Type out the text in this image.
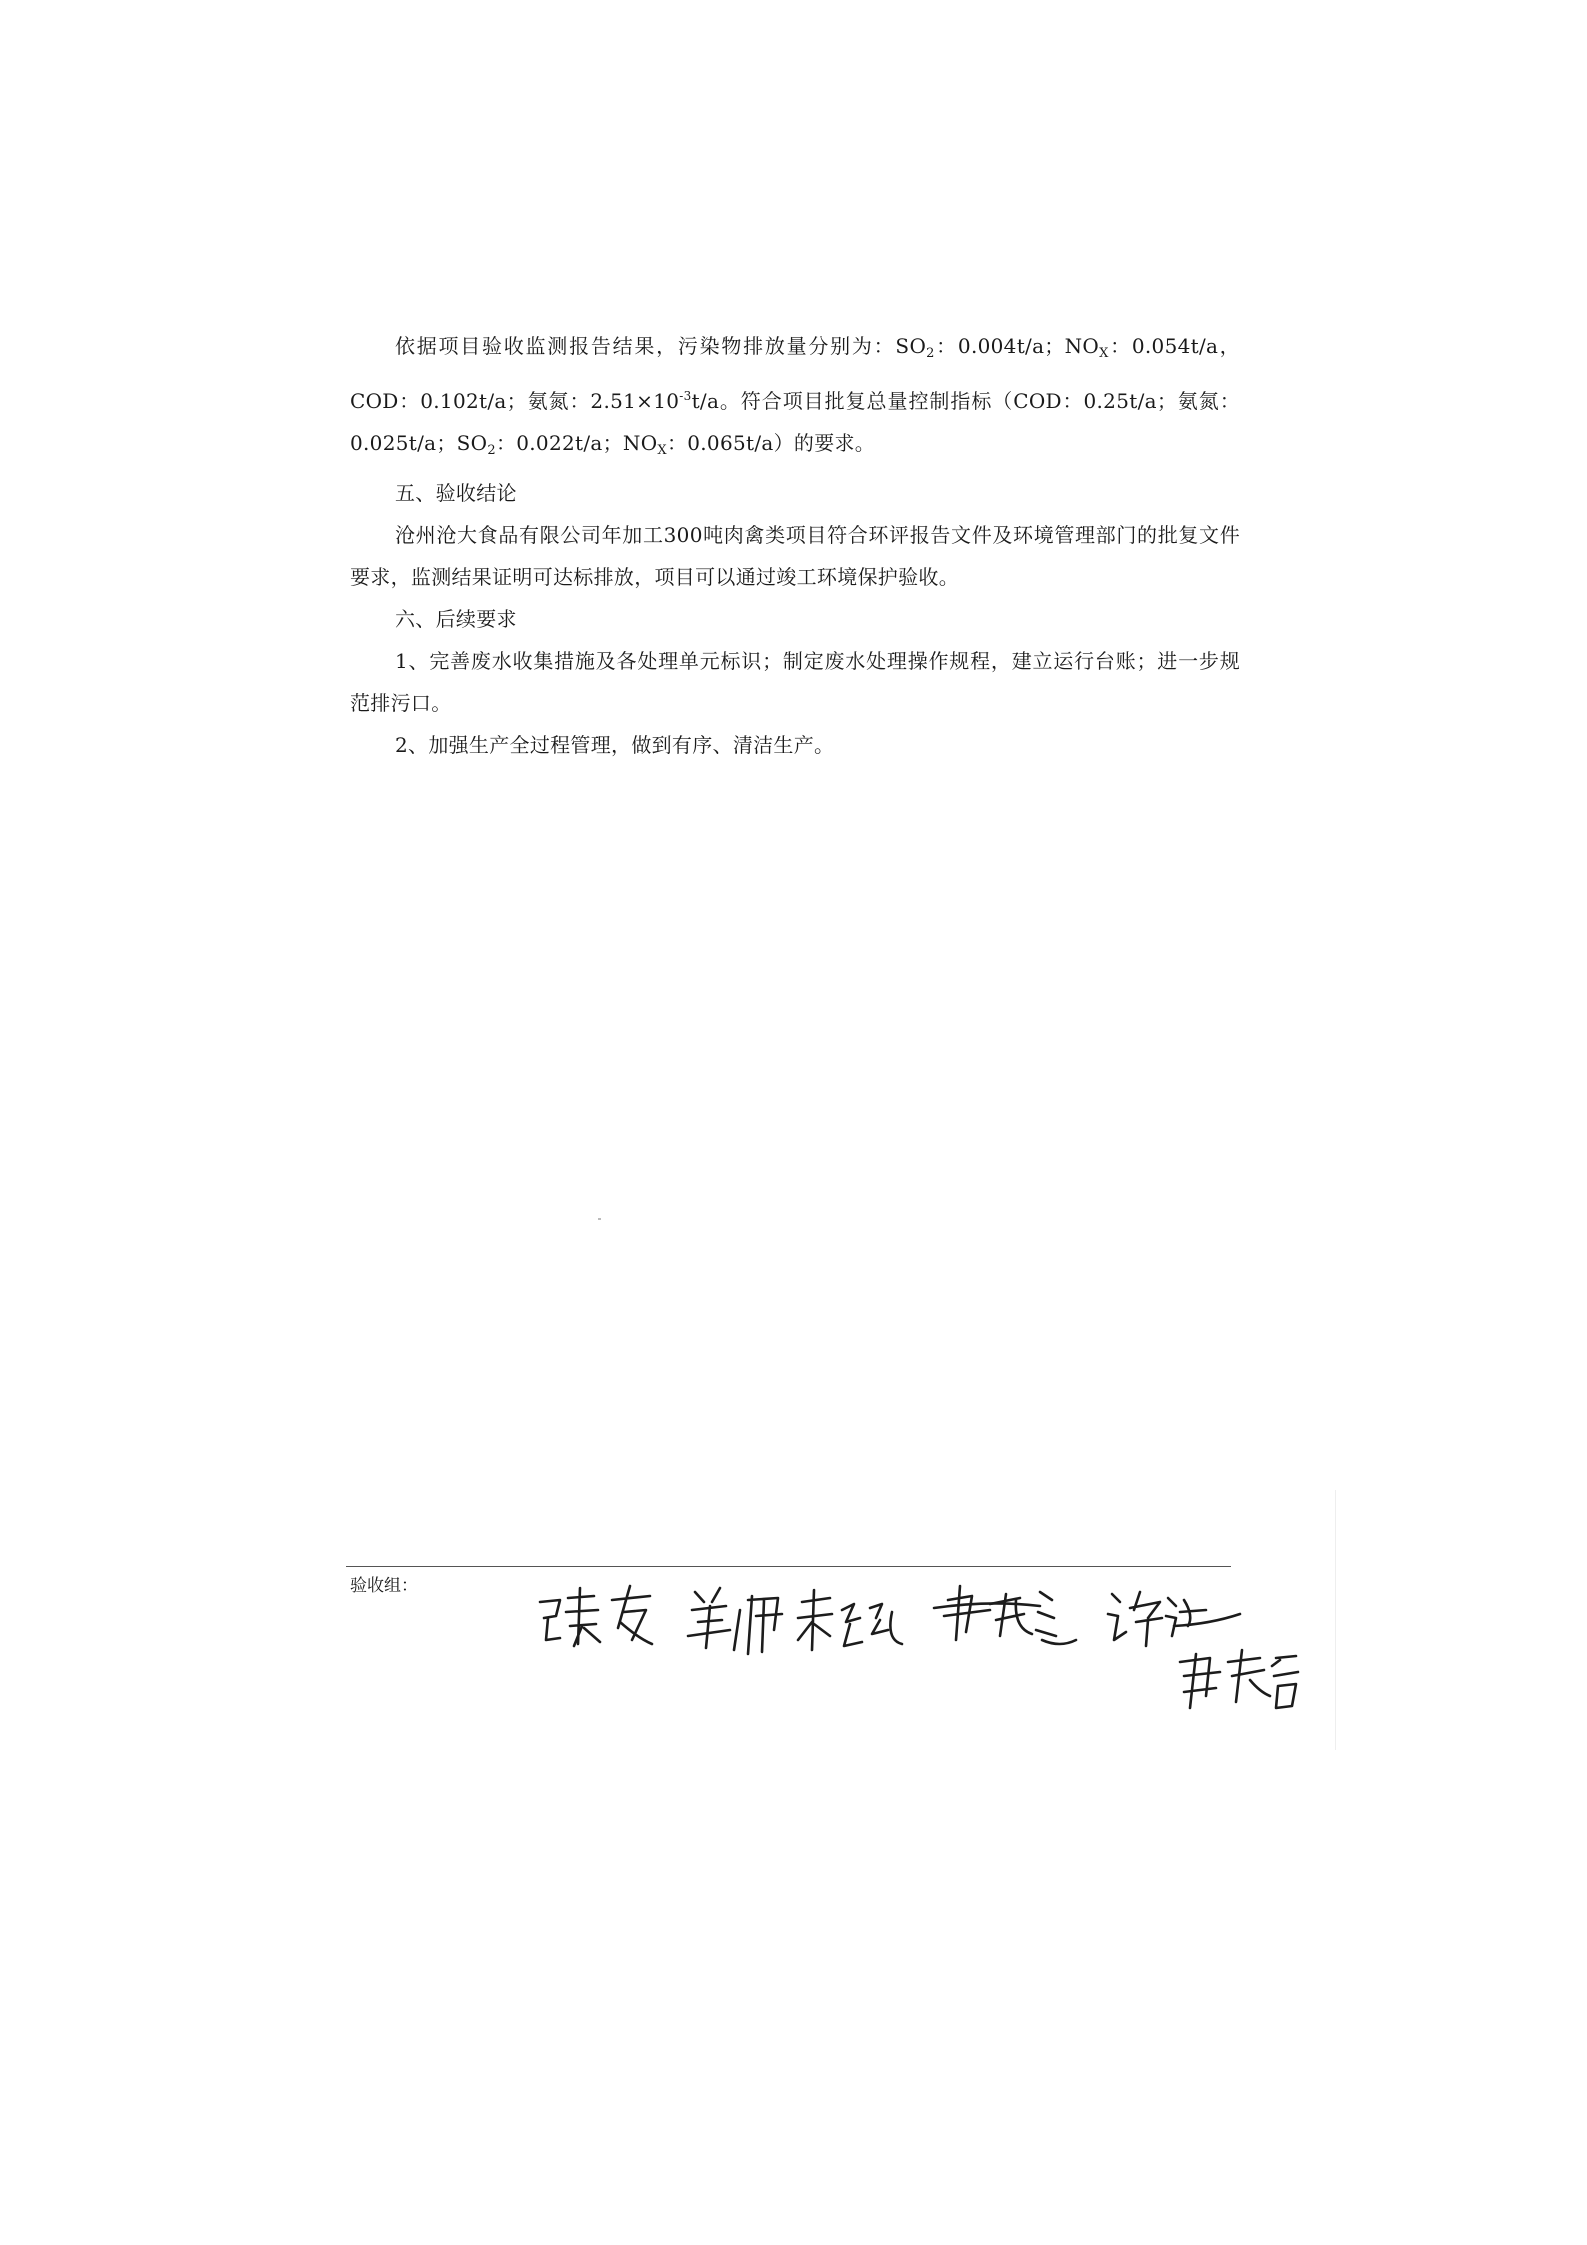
依据项目验收监测报告结果，污染物排放量分别为：$SO_2$：0.004t/a；$NO_X$：0.054t/a，COD：0.102t/a；氨氮：$2.51\times 10^{-3}t/a$。符合项目批复总量控制指标（COD：0.25t/a；氨氮：0.025t/a；$SO_2$：0.022t/a；$NO_X$：0.065t/a）的要求。

五、验收结论

沧州沧大食品有限公司年加工300吨肉禽类项目符合环评报告文件及环境管理部门的批复文件要求，监测结果证明可达标排放，项目可以通过竣工环境保护验收。

六、后续要求

1、完善废水收集措施及各处理单元标识；制定废水处理操作规程，建立运行台账；进一步规范排污口。

2、加强生产全过程管理，做到有序、清洁生产。

验收组：
